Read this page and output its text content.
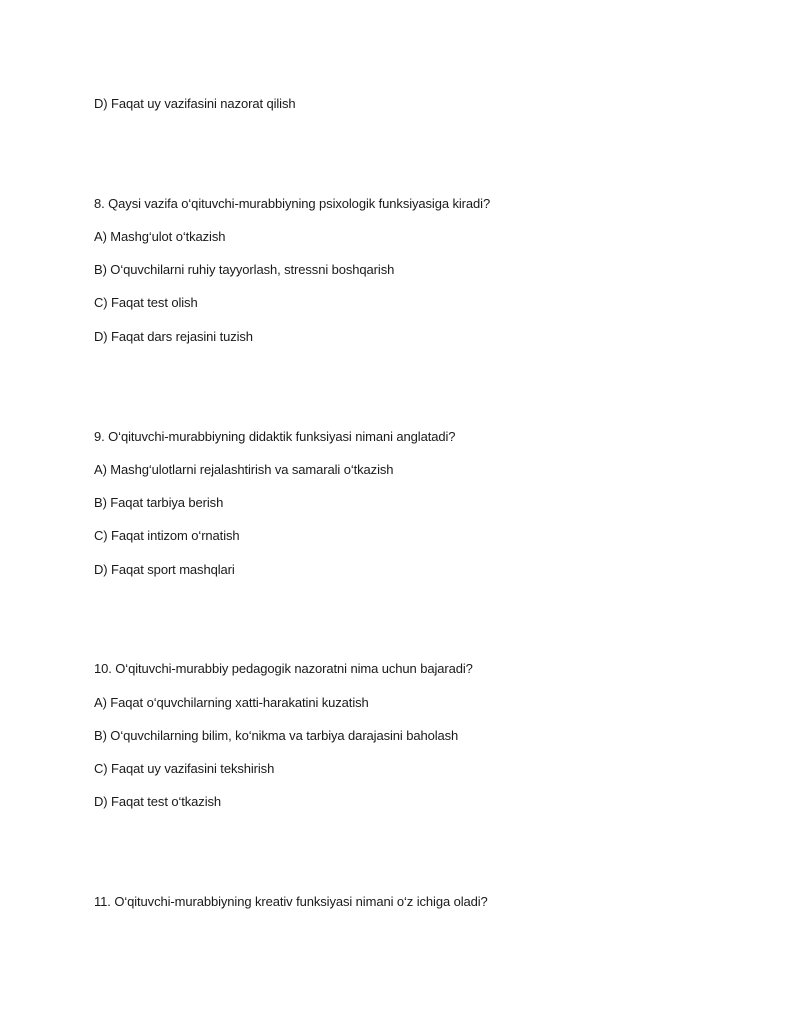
D) Faqat uy vazifasini nazorat qilish
8. Qaysi vazifa o‘qituvchi-murabbiyning psixologik funksiyasiga kiradi?
A) Mashg‘ulot o‘tkazish
B) O‘quvchilarni ruhiy tayyorlash, stressni boshqarish
C) Faqat test olish
D) Faqat dars rejasini tuzish
9. O‘qituvchi-murabbiyning didaktik funksiyasi nimani anglatadi?
A) Mashg‘ulotlarni rejalashtirish va samarali o‘tkazish
B) Faqat tarbiya berish
C) Faqat intizom o‘rnatish
D) Faqat sport mashqlari
10. O‘qituvchi-murabbiy pedagogik nazoratni nima uchun bajaradi?
A) Faqat o‘quvchilarning xatti-harakatini kuzatish
B) O‘quvchilarning bilim, ko‘nikma va tarbiya darajasini baholash
C) Faqat uy vazifasini tekshirish
D) Faqat test o‘tkazish
11. O‘qituvchi-murabbiyning kreativ funksiyasi nimani o‘z ichiga oladi?
